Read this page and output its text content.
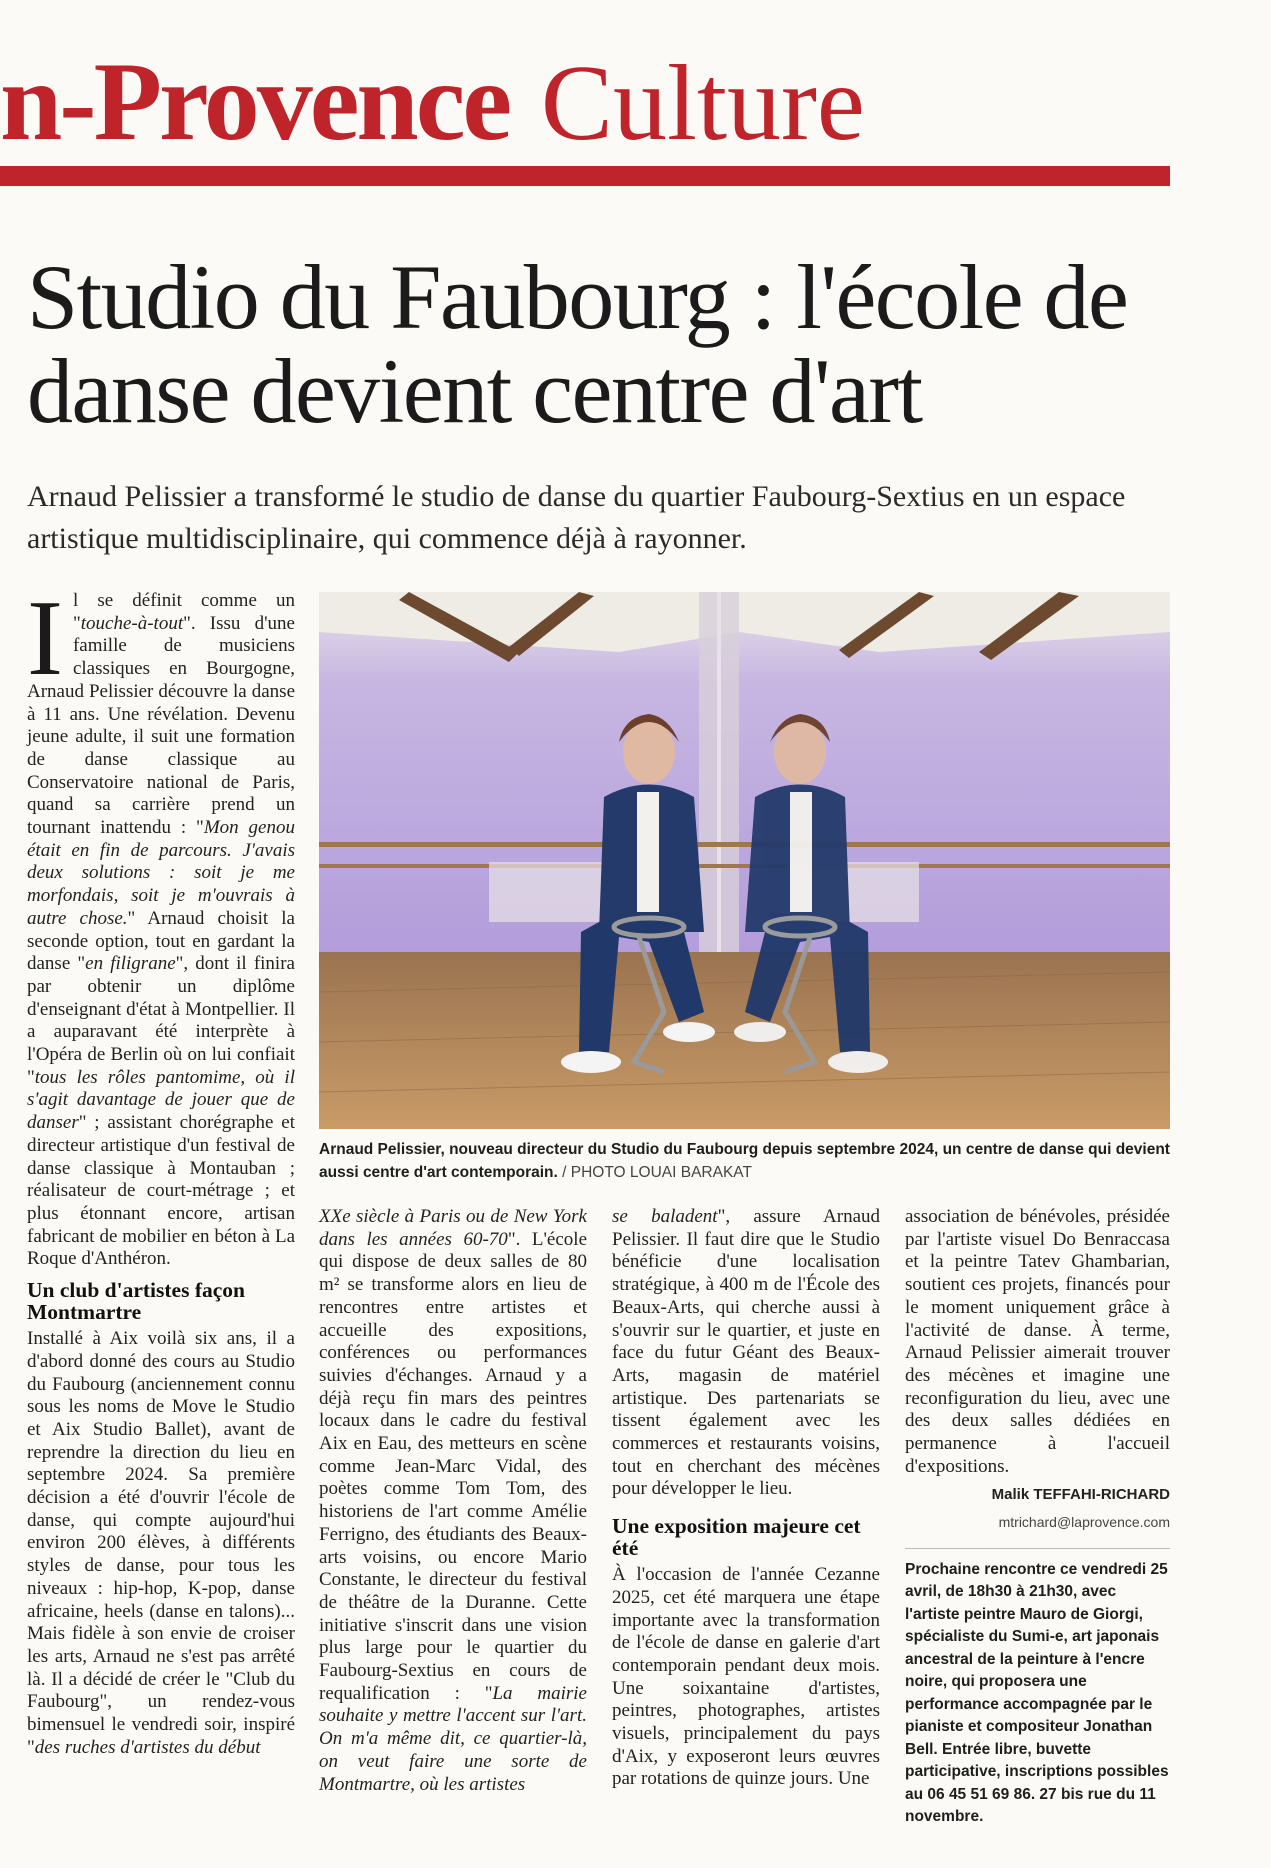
n-Provence Culture
Studio du Faubourg : l'école de danse devient centre d'art

Arnaud Pelissier a transformé le studio de danse du quartier Faubourg-Sextius en un espace artistique multidisciplinaire, qui commence déjà à rayonner.

Il se définit comme un "touche-à-tout". Issu d'une famille de musiciens classiques en Bourgogne, Arnaud Pelissier découvre la danse à 11 ans. Une révélation. Devenu jeune adulte, il suit une formation de danse classique au Conservatoire national de Paris, quand sa carrière prend un tournant inattendu : "Mon genou était en fin de parcours. J'avais deux solutions : soit je me morfondais, soit je m'ouvrais à autre chose." Arnaud choisit la seconde option, tout en gardant la danse "en filigrane", dont il finira par obtenir un diplôme d'enseignant d'état à Montpellier. Il a auparavant été interprète à l'Opéra de Berlin où on lui confiait "tous les rôles pantomime, où il s'agit davantage de jouer que de danser" ; assistant chorégraphe et directeur artistique d'un festival de danse classique à Montauban ; réalisateur de court-métrage ; et plus étonnant encore, artisan fabricant de mobilier en béton à La Roque d'Anthéron.

Un club d'artistes façon Montmartre

Installé à Aix voilà six ans, il a d'abord donné des cours au Studio du Faubourg (anciennement connu sous les noms de Move le Studio et Aix Studio Ballet), avant de reprendre la direction du lieu en septembre 2024. Sa première décision a été d'ouvrir l'école de danse, qui compte aujourd'hui environ 200 élèves, à différents styles de danse, pour tous les niveaux : hip-hop, K-pop, danse africaine, heels (danse en talons)... Mais fidèle à son envie de croiser les arts, Arnaud ne s'est pas arrêté là. Il a décidé de créer le "Club du Faubourg", un rendez-vous bimensuel le vendredi soir, inspiré "des ruches d'artistes du début

Arnaud Pelissier, nouveau directeur du Studio du Faubourg depuis septembre 2024, un centre de danse qui devient aussi centre d'art contemporain. / PHOTO LOUAI BARAKAT

XXe siècle à Paris ou de New York dans les années 60-70". L'école qui dispose de deux salles de 80 m² se transforme alors en lieu de rencontres entre artistes et accueille des expositions, conférences ou performances suivies d'échanges. Arnaud y a déjà reçu fin mars des peintres locaux dans le cadre du festival Aix en Eau, des metteurs en scène comme Jean-Marc Vidal, des poètes comme Tom Tom, des historiens de l'art comme Amélie Ferrigno, des étudiants des Beaux-arts voisins, ou encore Mario Constante, le directeur du festival de théâtre de la Duranne. Cette initiative s'inscrit dans une vision plus large pour le quartier du Faubourg-Sextius en cours de requalification : "La mairie souhaite y mettre l'accent sur l'art. On m'a même dit, ce quartier-là, on veut faire une sorte de Montmartre, où les artistes

se baladent", assure Arnaud Pelissier. Il faut dire que le Studio bénéficie d'une localisation stratégique, à 400 m de l'École des Beaux-Arts, qui cherche aussi à s'ouvrir sur le quartier, et juste en face du futur Géant des Beaux-Arts, magasin de matériel artistique. Des partenariats se tissent également avec les commerces et restaurants voisins, tout en cherchant des mécènes pour développer le lieu.

Une exposition majeure cet été

À l'occasion de l'année Cezanne 2025, cet été marquera une étape importante avec la transformation de l'école de danse en galerie d'art contemporain pendant deux mois. Une soixantaine d'artistes, peintres, photographes, artistes visuels, principalement du pays d'Aix, y exposeront leurs œuvres par rotations de quinze jours. Une

association de bénévoles, présidée par l'artiste visuel Do Benraccasa et la peintre Tatev Ghambarian, soutient ces projets, financés pour le moment uniquement grâce à l'activité de danse. À terme, Arnaud Pelissier aimerait trouver des mécènes et imagine une reconfiguration du lieu, avec une des deux salles dédiées en permanence à l'accueil d'expositions.

Malik TEFFAHI-RICHARD
mtrichard@laprovence.com
Prochaine rencontre ce vendredi 25 avril, de 18h30 à 21h30, avec l'artiste peintre Mauro de Giorgi, spécialiste du Sumi-e, art japonais ancestral de la peinture à l'encre noire, qui proposera une performance accompagnée par le pianiste et compositeur Jonathan Bell. Entrée libre, buvette participative, inscriptions possibles au 06 45 51 69 86. 27 bis rue du 11 novembre.
